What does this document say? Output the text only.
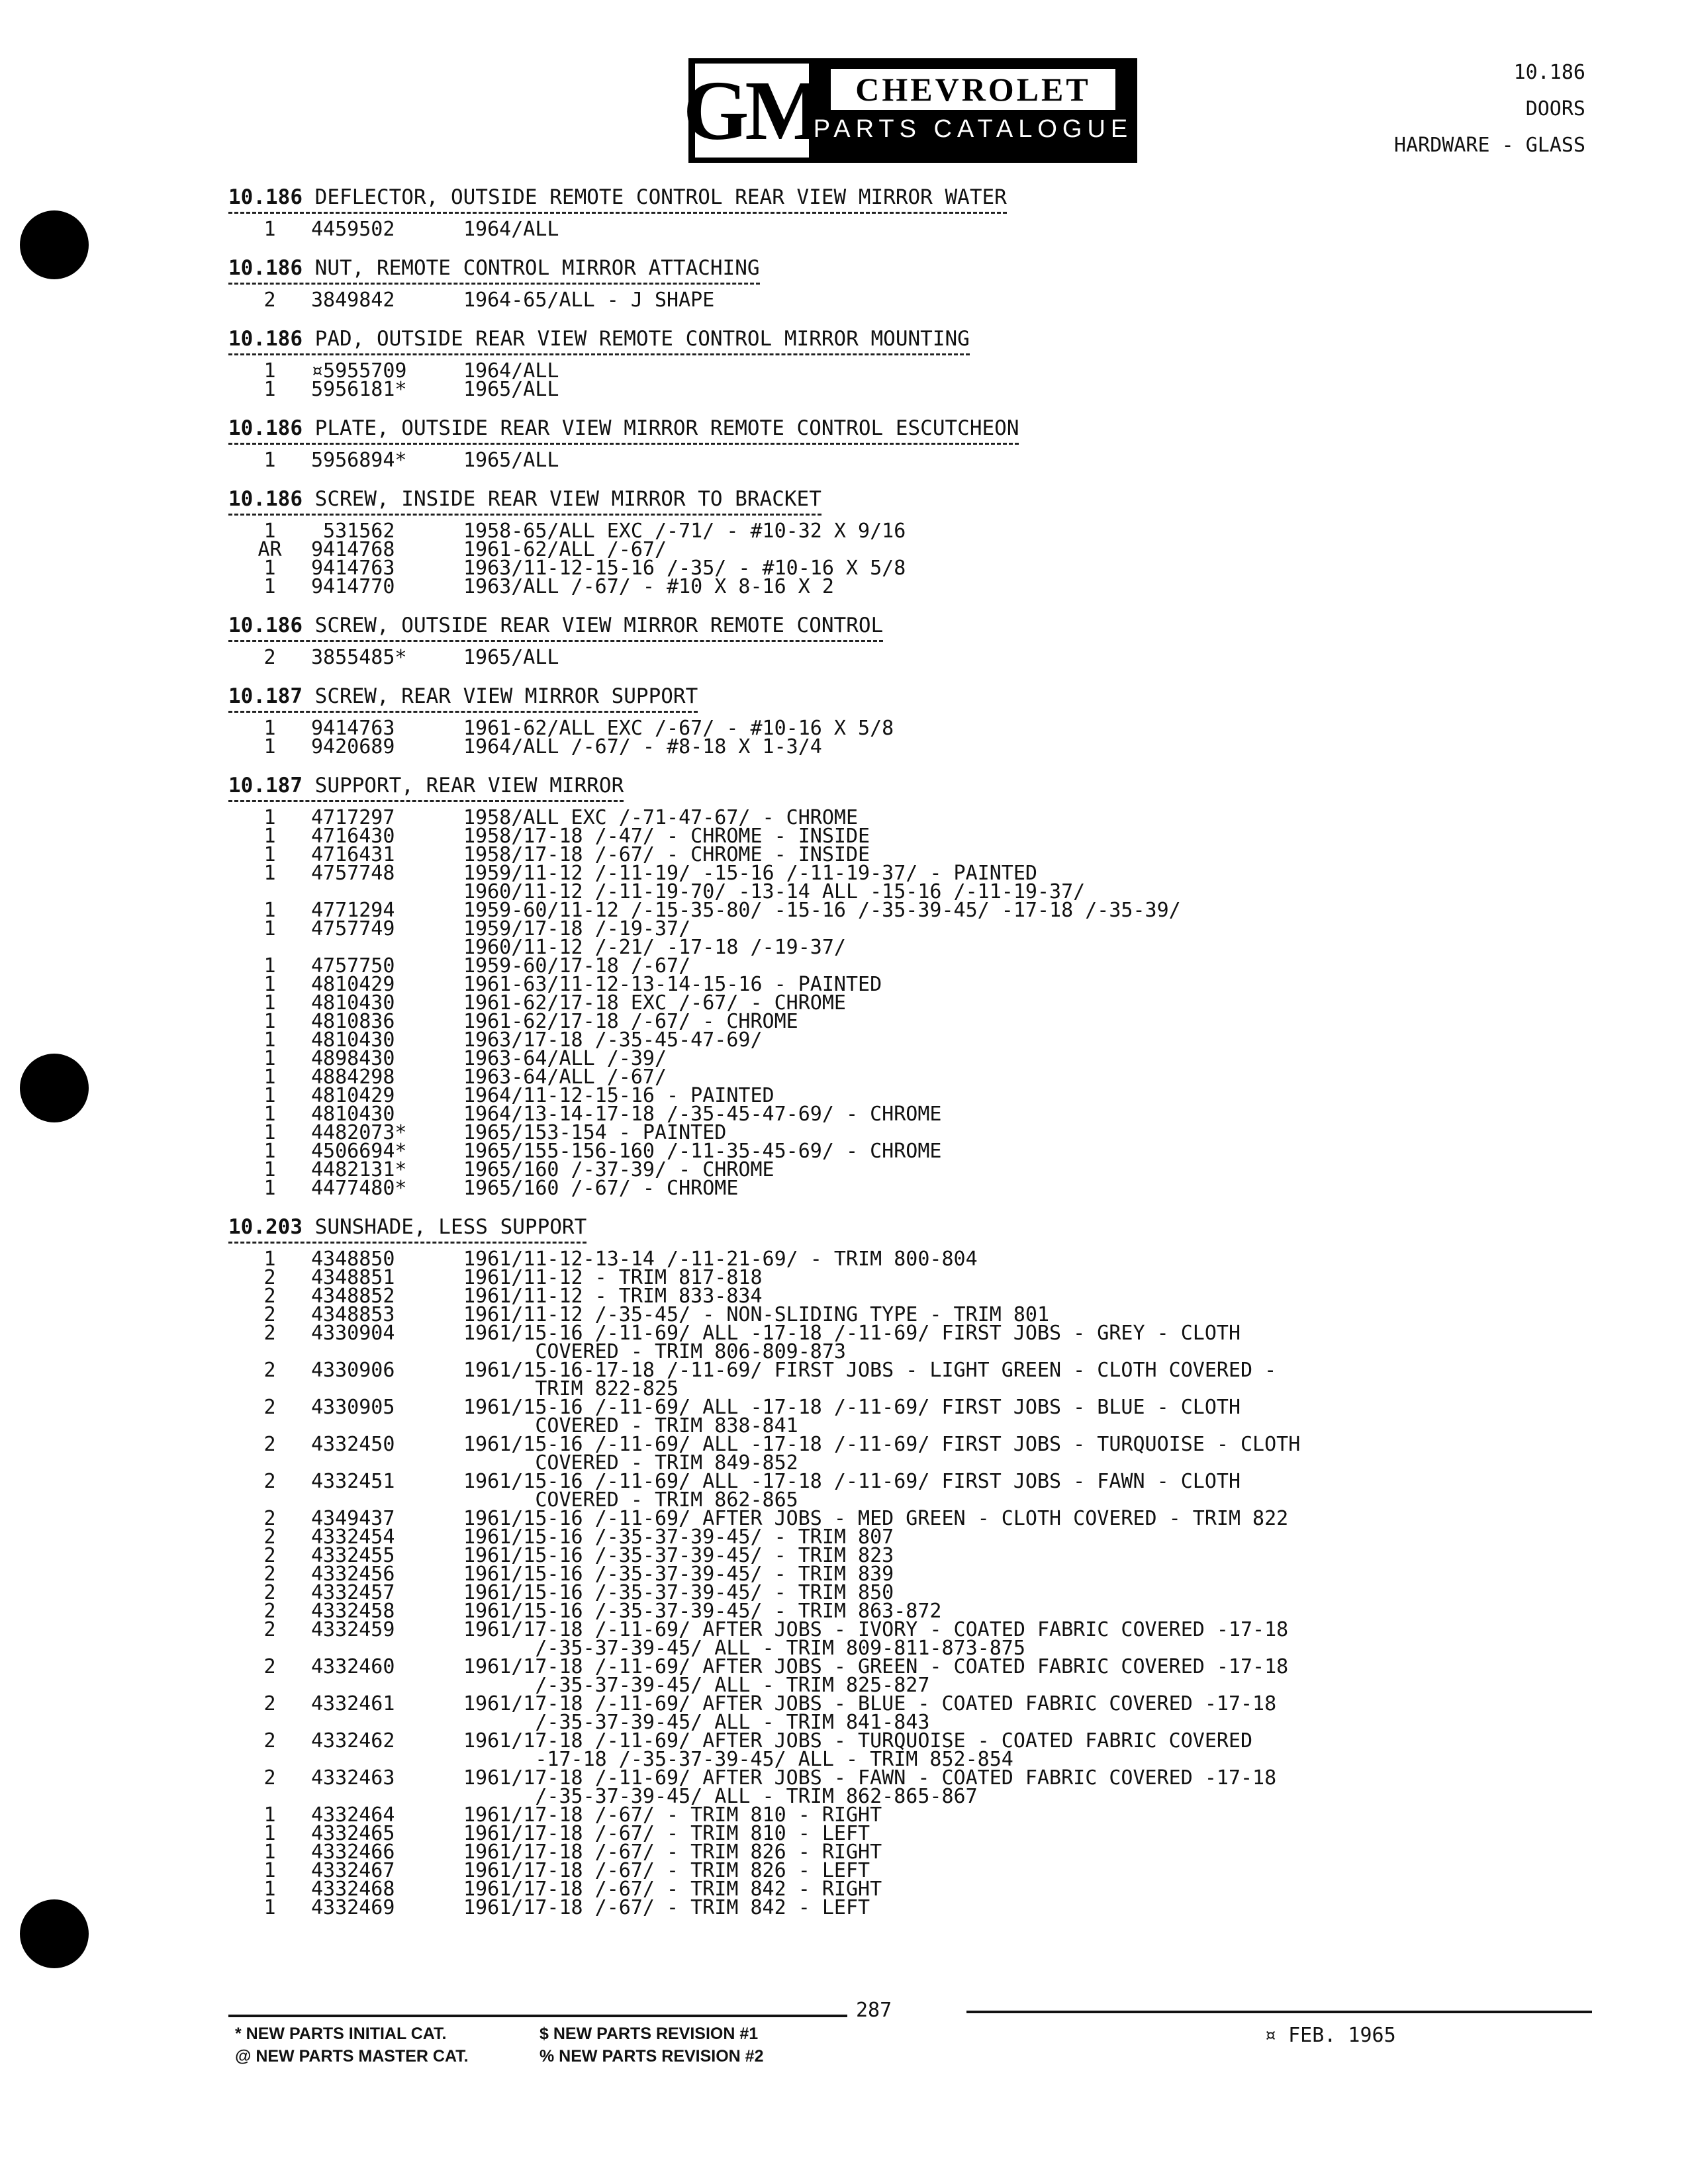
GM	CHEVROLET
PARTS CATALOGUE
10.186
DOORS
HARDWARE - GLASS
10.186 DEFLECTOR, OUTSIDE REMOTE CONTROL REAR VIEW MIRROR WATER
1	4459502	1964/ALL
10.186 NUT, REMOTE CONTROL MIRROR ATTACHING
2	3849842	1964-65/ALL - J SHAPE
10.186 PAD, OUTSIDE REAR VIEW REMOTE CONTROL MIRROR MOUNTING
1	¤5955709	1964/ALL
1	5956181*	1965/ALL
10.186 PLATE, OUTSIDE REAR VIEW MIRROR REMOTE CONTROL ESCUTCHEON
1	5956894*	1965/ALL
10.186 SCREW, INSIDE REAR VIEW MIRROR TO BRACKET
1	531562	1958-65/ALL EXC /-71/ - #10-32 X 9/16
AR	9414768	1961-62/ALL /-67/
1	9414763	1963/11-12-15-16 /-35/ - #10-16 X 5/8
1	9414770	1963/ALL /-67/ - #10 X 8-16 X 2
10.186 SCREW, OUTSIDE REAR VIEW MIRROR REMOTE CONTROL
2	3855485*	1965/ALL
10.187 SCREW, REAR VIEW MIRROR SUPPORT
1	9414763	1961-62/ALL EXC /-67/ - #10-16 X 5/8
1	9420689	1964/ALL /-67/ - #8-18 X 1-3/4
10.187 SUPPORT, REAR VIEW MIRROR
1	4717297	1958/ALL EXC /-71-47-67/ - CHROME
1	4716430	1958/17-18 /-47/ - CHROME - INSIDE
1	4716431	1958/17-18 /-67/ - CHROME - INSIDE
1	4757748	1959/11-12 /-11-19/ -15-16 /-11-19-37/ - PAINTED
1960/11-12 /-11-19-70/ -13-14 ALL -15-16 /-11-19-37/
1	4771294	1959-60/11-12 /-15-35-80/ -15-16 /-35-39-45/ -17-18 /-35-39/
1	4757749	1959/17-18 /-19-37/
1960/11-12 /-21/ -17-18 /-19-37/
1	4757750	1959-60/17-18 /-67/
1	4810429	1961-63/11-12-13-14-15-16 - PAINTED
1	4810430	1961-62/17-18 EXC /-67/ - CHROME
1	4810836	1961-62/17-18 /-67/ - CHROME
1	4810430	1963/17-18 /-35-45-47-69/
1	4898430	1963-64/ALL /-39/
1	4884298	1963-64/ALL /-67/
1	4810429	1964/11-12-15-16 - PAINTED
1	4810430	1964/13-14-17-18 /-35-45-47-69/ - CHROME
1	4482073*	1965/153-154 - PAINTED
1	4506694*	1965/155-156-160 /-11-35-45-69/ - CHROME
1	4482131*	1965/160 /-37-39/ - CHROME
1	4477480*	1965/160 /-67/ - CHROME
10.203 SUNSHADE, LESS SUPPORT
1	4348850	1961/11-12-13-14 /-11-21-69/ - TRIM 800-804
2	4348851	1961/11-12 - TRIM 817-818
2	4348852	1961/11-12 - TRIM 833-834
2	4348853	1961/11-12 /-35-45/ - NON-SLIDING TYPE - TRIM 801
2	4330904	1961/15-16 /-11-69/ ALL -17-18 /-11-69/ FIRST JOBS - GREY - CLOTH
COVERED - TRIM 806-809-873
2	4330906	1961/15-16-17-18 /-11-69/ FIRST JOBS - LIGHT GREEN - CLOTH COVERED -
TRIM 822-825
2	4330905	1961/15-16 /-11-69/ ALL -17-18 /-11-69/ FIRST JOBS - BLUE - CLOTH
COVERED - TRIM 838-841
2	4332450	1961/15-16 /-11-69/ ALL -17-18 /-11-69/ FIRST JOBS - TURQUOISE - CLOTH
COVERED - TRIM 849-852
2	4332451	1961/15-16 /-11-69/ ALL -17-18 /-11-69/ FIRST JOBS - FAWN - CLOTH
COVERED - TRIM 862-865
2	4349437	1961/15-16 /-11-69/ AFTER JOBS - MED GREEN - CLOTH COVERED - TRIM 822
2	4332454	1961/15-16 /-35-37-39-45/ - TRIM 807
2	4332455	1961/15-16 /-35-37-39-45/ - TRIM 823
2	4332456	1961/15-16 /-35-37-39-45/ - TRIM 839
2	4332457	1961/15-16 /-35-37-39-45/ - TRIM 850
2	4332458	1961/15-16 /-35-37-39-45/ - TRIM 863-872
2	4332459	1961/17-18 /-11-69/ AFTER JOBS - IVORY - COATED FABRIC COVERED -17-18
/-35-37-39-45/ ALL - TRIM 809-811-873-875
2	4332460	1961/17-18 /-11-69/ AFTER JOBS - GREEN - COATED FABRIC COVERED -17-18
/-35-37-39-45/ ALL - TRIM 825-827
2	4332461	1961/17-18 /-11-69/ AFTER JOBS - BLUE - COATED FABRIC COVERED -17-18
/-35-37-39-45/ ALL - TRIM 841-843
2	4332462	1961/17-18 /-11-69/ AFTER JOBS - TURQUOISE - COATED FABRIC COVERED
-17-18 /-35-37-39-45/ ALL - TRIM 852-854
2	4332463	1961/17-18 /-11-69/ AFTER JOBS - FAWN - COATED FABRIC COVERED -17-18
/-35-37-39-45/ ALL - TRIM 862-865-867
1	4332464	1961/17-18 /-67/ - TRIM 810 - RIGHT
1	4332465	1961/17-18 /-67/ - TRIM 810 - LEFT
1	4332466	1961/17-18 /-67/ - TRIM 826 - RIGHT
1	4332467	1961/17-18 /-67/ - TRIM 826 - LEFT
1	4332468	1961/17-18 /-67/ - TRIM 842 - RIGHT
1	4332469	1961/17-18 /-67/ - TRIM 842 - LEFT
287
* NEW PARTS INITIAL CAT.
@ NEW PARTS MASTER CAT.
$ NEW PARTS REVISION #1
% NEW PARTS REVISION #2
¤ FEB. 1965
